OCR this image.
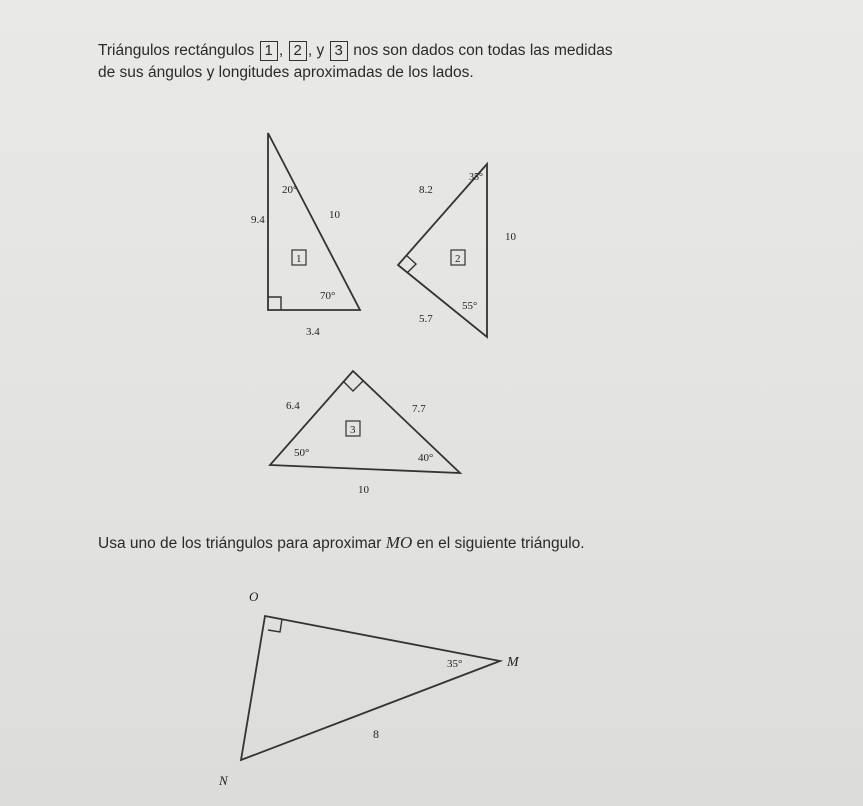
Triángulos rectángulos 1 , 2 , y 3 nos son dados con todas las medidas
de sus ángulos y longitudes aproximadas de los lados.
20°
70°
9.4	10
3.4
1
35°
55°
8.2
10
5.7
2
6.4	7.7
50°	40°
10
3
O
M
N
35°
8
Usa uno de los triángulos para aproximar MO en el siguiente triángulo.
